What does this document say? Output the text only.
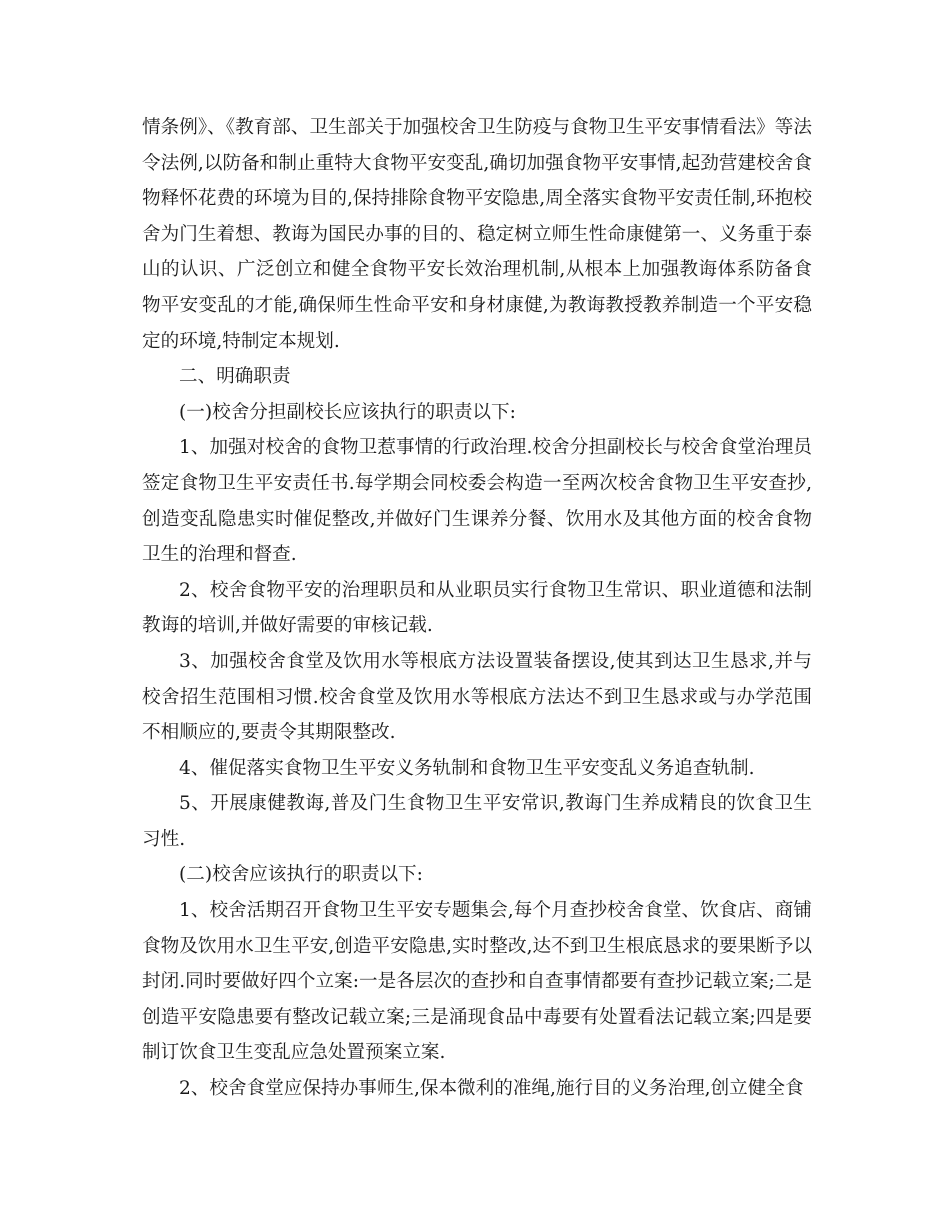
情条例》、《教育部、卫生部关于加强校舍卫生防疫与食物卫生平安事情看法》等法令法例,以防备和制止重特大食物平安变乱,确切加强食物平安事情,起劲营建校舍食物释怀花费的环境为目的,保持排除食物平安隐患,周全落实食物平安责任制,环抱校舍为门生着想、教诲为国民办事的目的、稳定树立师生性命康健第一、义务重于泰山的认识、广泛创立和健全食物平安长效治理机制,从根本上加强教诲体系防备食物平安变乱的才能,确保师生性命平安和身材康健,为教诲教授教养制造一个平安稳定的环境,特制定本规划.

二、明确职责

(一)校舍分担副校长应该执行的职责以下:

1、加强对校舍的食物卫惹事情的行政治理.校舍分担副校长与校舍食堂治理员签定食物卫生平安责任书.每学期会同校委会构造一至两次校舍食物卫生平安查抄,创造变乱隐患实时催促整改,并做好门生课养分餐、饮用水及其他方面的校舍食物卫生的治理和督查.

2、校舍食物平安的治理职员和从业职员实行食物卫生常识、职业道德和法制教诲的培训,并做好需要的审核记载.

3、加强校舍食堂及饮用水等根底方法设置装备摆设,使其到达卫生恳求,并与校舍招生范围相习惯.校舍食堂及饮用水等根底方法达不到卫生恳求或与办学范围不相顺应的,要责令其期限整改.

4、催促落实食物卫生平安义务轨制和食物卫生平安变乱义务追查轨制.

5、开展康健教诲,普及门生食物卫生平安常识,教诲门生养成精良的饮食卫生习性.

(二)校舍应该执行的职责以下:

1、校舍活期召开食物卫生平安专题集会,每个月查抄校舍食堂、饮食店、商铺食物及饮用水卫生平安,创造平安隐患,实时整改,达不到卫生根底恳求的要果断予以封闭.同时要做好四个立案:一是各层次的查抄和自查事情都要有查抄记载立案;二是创造平安隐患要有整改记载立案;三是涌现食品中毒要有处置看法记载立案;四是要制订饮食卫生变乱应急处置预案立案.

2、校舍食堂应保持办事师生,保本微利的准绳,施行目的义务治理,创立健全食
